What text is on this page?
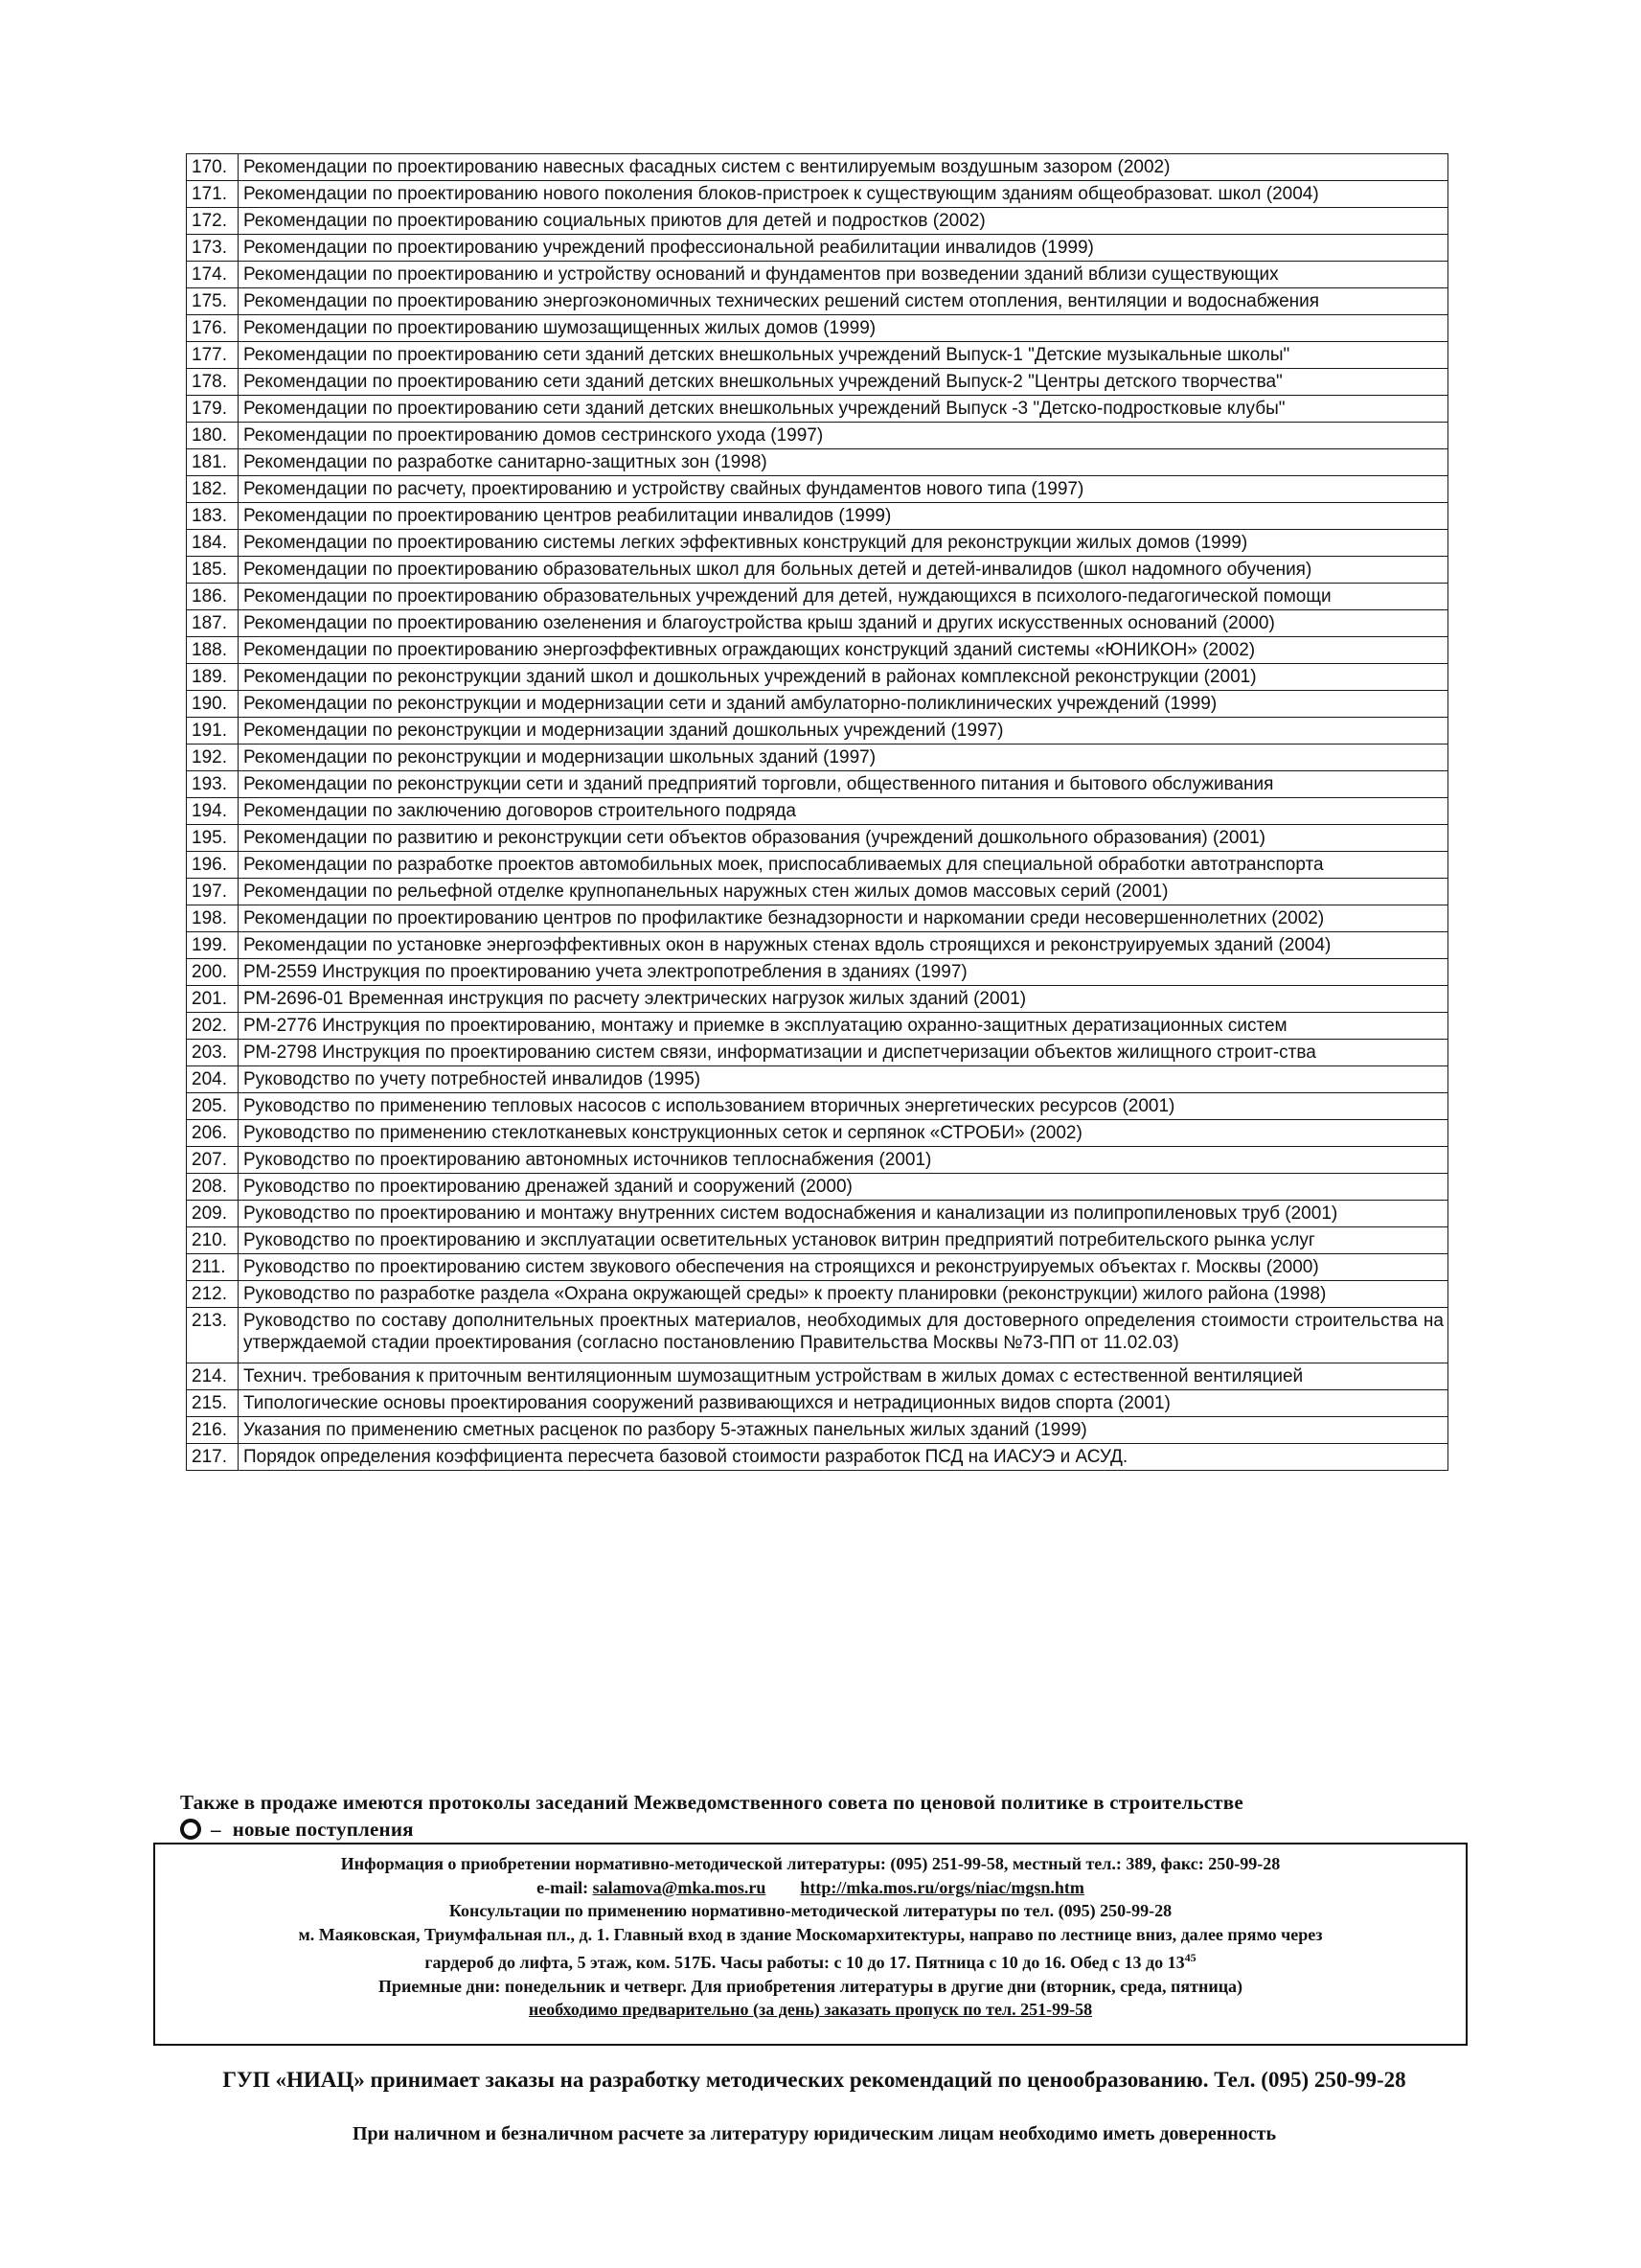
170.	Рекомендации по проектированию навесных фасадных систем с вентилируемым воздушным зазором (2002)
171.	Рекомендации по проектированию нового поколения блоков-пристроек к существующим зданиям общеобразоват. школ (2004)
172.	Рекомендации по проектированию социальных приютов для детей и подростков (2002)
173.	Рекомендации по проектированию учреждений профессиональной реабилитации инвалидов (1999)
174.	Рекомендации по проектированию и устройству оснований и фундаментов при возведении зданий вблизи существующих
175.	Рекомендации по проектированию энергоэкономичных технических решений систем отопления, вентиляции и водоснабжения
176.	Рекомендации по проектированию шумозащищенных жилых домов (1999)
177.	Рекомендации по проектированию сети зданий детских внешкольных учреждений Выпуск-1 "Детские музыкальные школы"
178.	Рекомендации по проектированию сети зданий детских внешкольных учреждений Выпуск-2 "Центры детского творчества"
179.	Рекомендации по проектированию сети зданий детских внешкольных учреждений Выпуск -3 "Детско-подростковые клубы"
180.	Рекомендации по проектированию домов сестринского ухода (1997)
181.	Рекомендации по разработке санитарно-защитных зон (1998)
182.	Рекомендации по расчету, проектированию и устройству свайных фундаментов нового типа (1997)
183.	Рекомендации по проектированию центров реабилитации инвалидов (1999)
184.	Рекомендации по проектированию системы легких эффективных конструкций для реконструкции жилых домов (1999)
185.	Рекомендации по проектированию образовательных школ для больных детей и детей-инвалидов (школ надомного обучения)
186.	Рекомендации по проектированию образовательных учреждений для детей, нуждающихся в психолого-педагогической помощи
187.	Рекомендации по проектированию озеленения и благоустройства крыш зданий и других искусственных оснований (2000)
188.	Рекомендации по проектированию энергоэффективных ограждающих конструкций зданий системы «ЮНИКОН» (2002)
189.	Рекомендации по реконструкции зданий школ и дошкольных учреждений в районах комплексной реконструкции (2001)
190.	Рекомендации по реконструкции и модернизации сети и зданий амбулаторно-поликлинических учреждений (1999)
191.	Рекомендации по реконструкции и модернизации зданий дошкольных учреждений (1997)
192.	Рекомендации по реконструкции и модернизации школьных зданий (1997)
193.	Рекомендации по реконструкции сети и зданий предприятий торговли, общественного питания и бытового обслуживания
194.	Рекомендации по заключению договоров строительного подряда
195.	Рекомендации по развитию и реконструкции сети объектов образования (учреждений дошкольного образования) (2001)
196.	Рекомендации по разработке проектов автомобильных моек, приспосабливаемых для специальной обработки автотранспорта
197.	Рекомендации по рельефной отделке крупнопанельных наружных стен жилых домов массовых серий (2001)
198.	Рекомендации по проектированию центров по профилактике безнадзорности и наркомании среди несовершеннолетних (2002)
199.	Рекомендации по установке энергоэффективных окон в наружных стенах вдоль строящихся и реконструируемых зданий (2004)
200.	РМ-2559 Инструкция по проектированию учета электропотребления в зданиях (1997)
201.	РМ-2696-01 Временная инструкция по расчету электрических нагрузок жилых зданий (2001)
202.	РМ-2776 Инструкция по проектированию, монтажу и приемке в эксплуатацию охранно-защитных дератизационных систем
203.	РМ-2798 Инструкция по проектированию систем связи, информатизации и диспетчеризации объектов жилищного строит-ства
204.	Руководство по учету потребностей инвалидов (1995)
205.	Руководство по применению тепловых насосов с использованием вторичных энергетических ресурсов (2001)
206.	Руководство по применению стеклотканевых конструкционных сеток и серпянок «СТРОБИ» (2002)
207.	Руководство по проектированию автономных источников теплоснабжения (2001)
208.	Руководство по проектированию дренажей зданий и сооружений (2000)
209.	Руководство по проектированию и монтажу внутренних систем водоснабжения и канализации из полипропиленовых труб (2001)
210.	Руководство по проектированию и эксплуатации осветительных установок витрин предприятий потребительского рынка услуг
211.	Руководство по проектированию систем звукового обеспечения на строящихся и реконструируемых объектах г. Москвы (2000)
212.	Руководство по разработке раздела «Охрана окружающей среды» к проекту планировки (реконструкции) жилого района (1998)
213.	Руководство по составу дополнительных проектных материалов, необходимых для достоверного определения стоимости строительства на утверждаемой стадии проектирования (согласно постановлению Правительства Москвы №73-ПП от 11.02.03)
214.	Технич. требования к приточным вентиляционным шумозащитным устройствам в жилых домах с естественной вентиляцией
215.	Типологические основы проектирования сооружений развивающихся и нетрадиционных видов спорта (2001)
216.	Указания по применению сметных расценок по разбору 5-этажных панельных жилых зданий (1999)
217.	Порядок определения коэффициента пересчета базовой стоимости разработок ПСД на ИАСУЭ и АСУД.
Также в продаже имеются протоколы заседаний Межведомственного совета по ценовой политике в строительстве
– новые поступления
Информация о приобретении нормативно-методической литературы: (095) 251-99-58, местный тел.: 389, факс: 250-99-28
e-mail: salamova@mka.mos.ru http://mka.mos.ru/orgs/niac/mgsn.htm
Консультации по применению нормативно-методической литературы по тел. (095) 250-99-28
м. Маяковская, Триумфальная пл., д. 1. Главный вход в здание Москомархитектуры, направо по лестнице вниз, далее прямо через
гардероб до лифта, 5 этаж, ком. 517Б. Часы работы: с 10 до 17. Пятница с 10 до 16. Обед с 13 до $13^{45}$
Приемные дни: понедельник и четверг. Для приобретения литературы в другие дни (вторник, среда, пятница)
необходимо предварительно (за день) заказать пропуск по тел. 251-99-58
ГУП «НИАЦ» принимает заказы на разработку методических рекомендаций по ценообразованию. Тел. (095) 250-99-28
При наличном и безналичном расчете за литературу юридическим лицам необходимо иметь доверенность
